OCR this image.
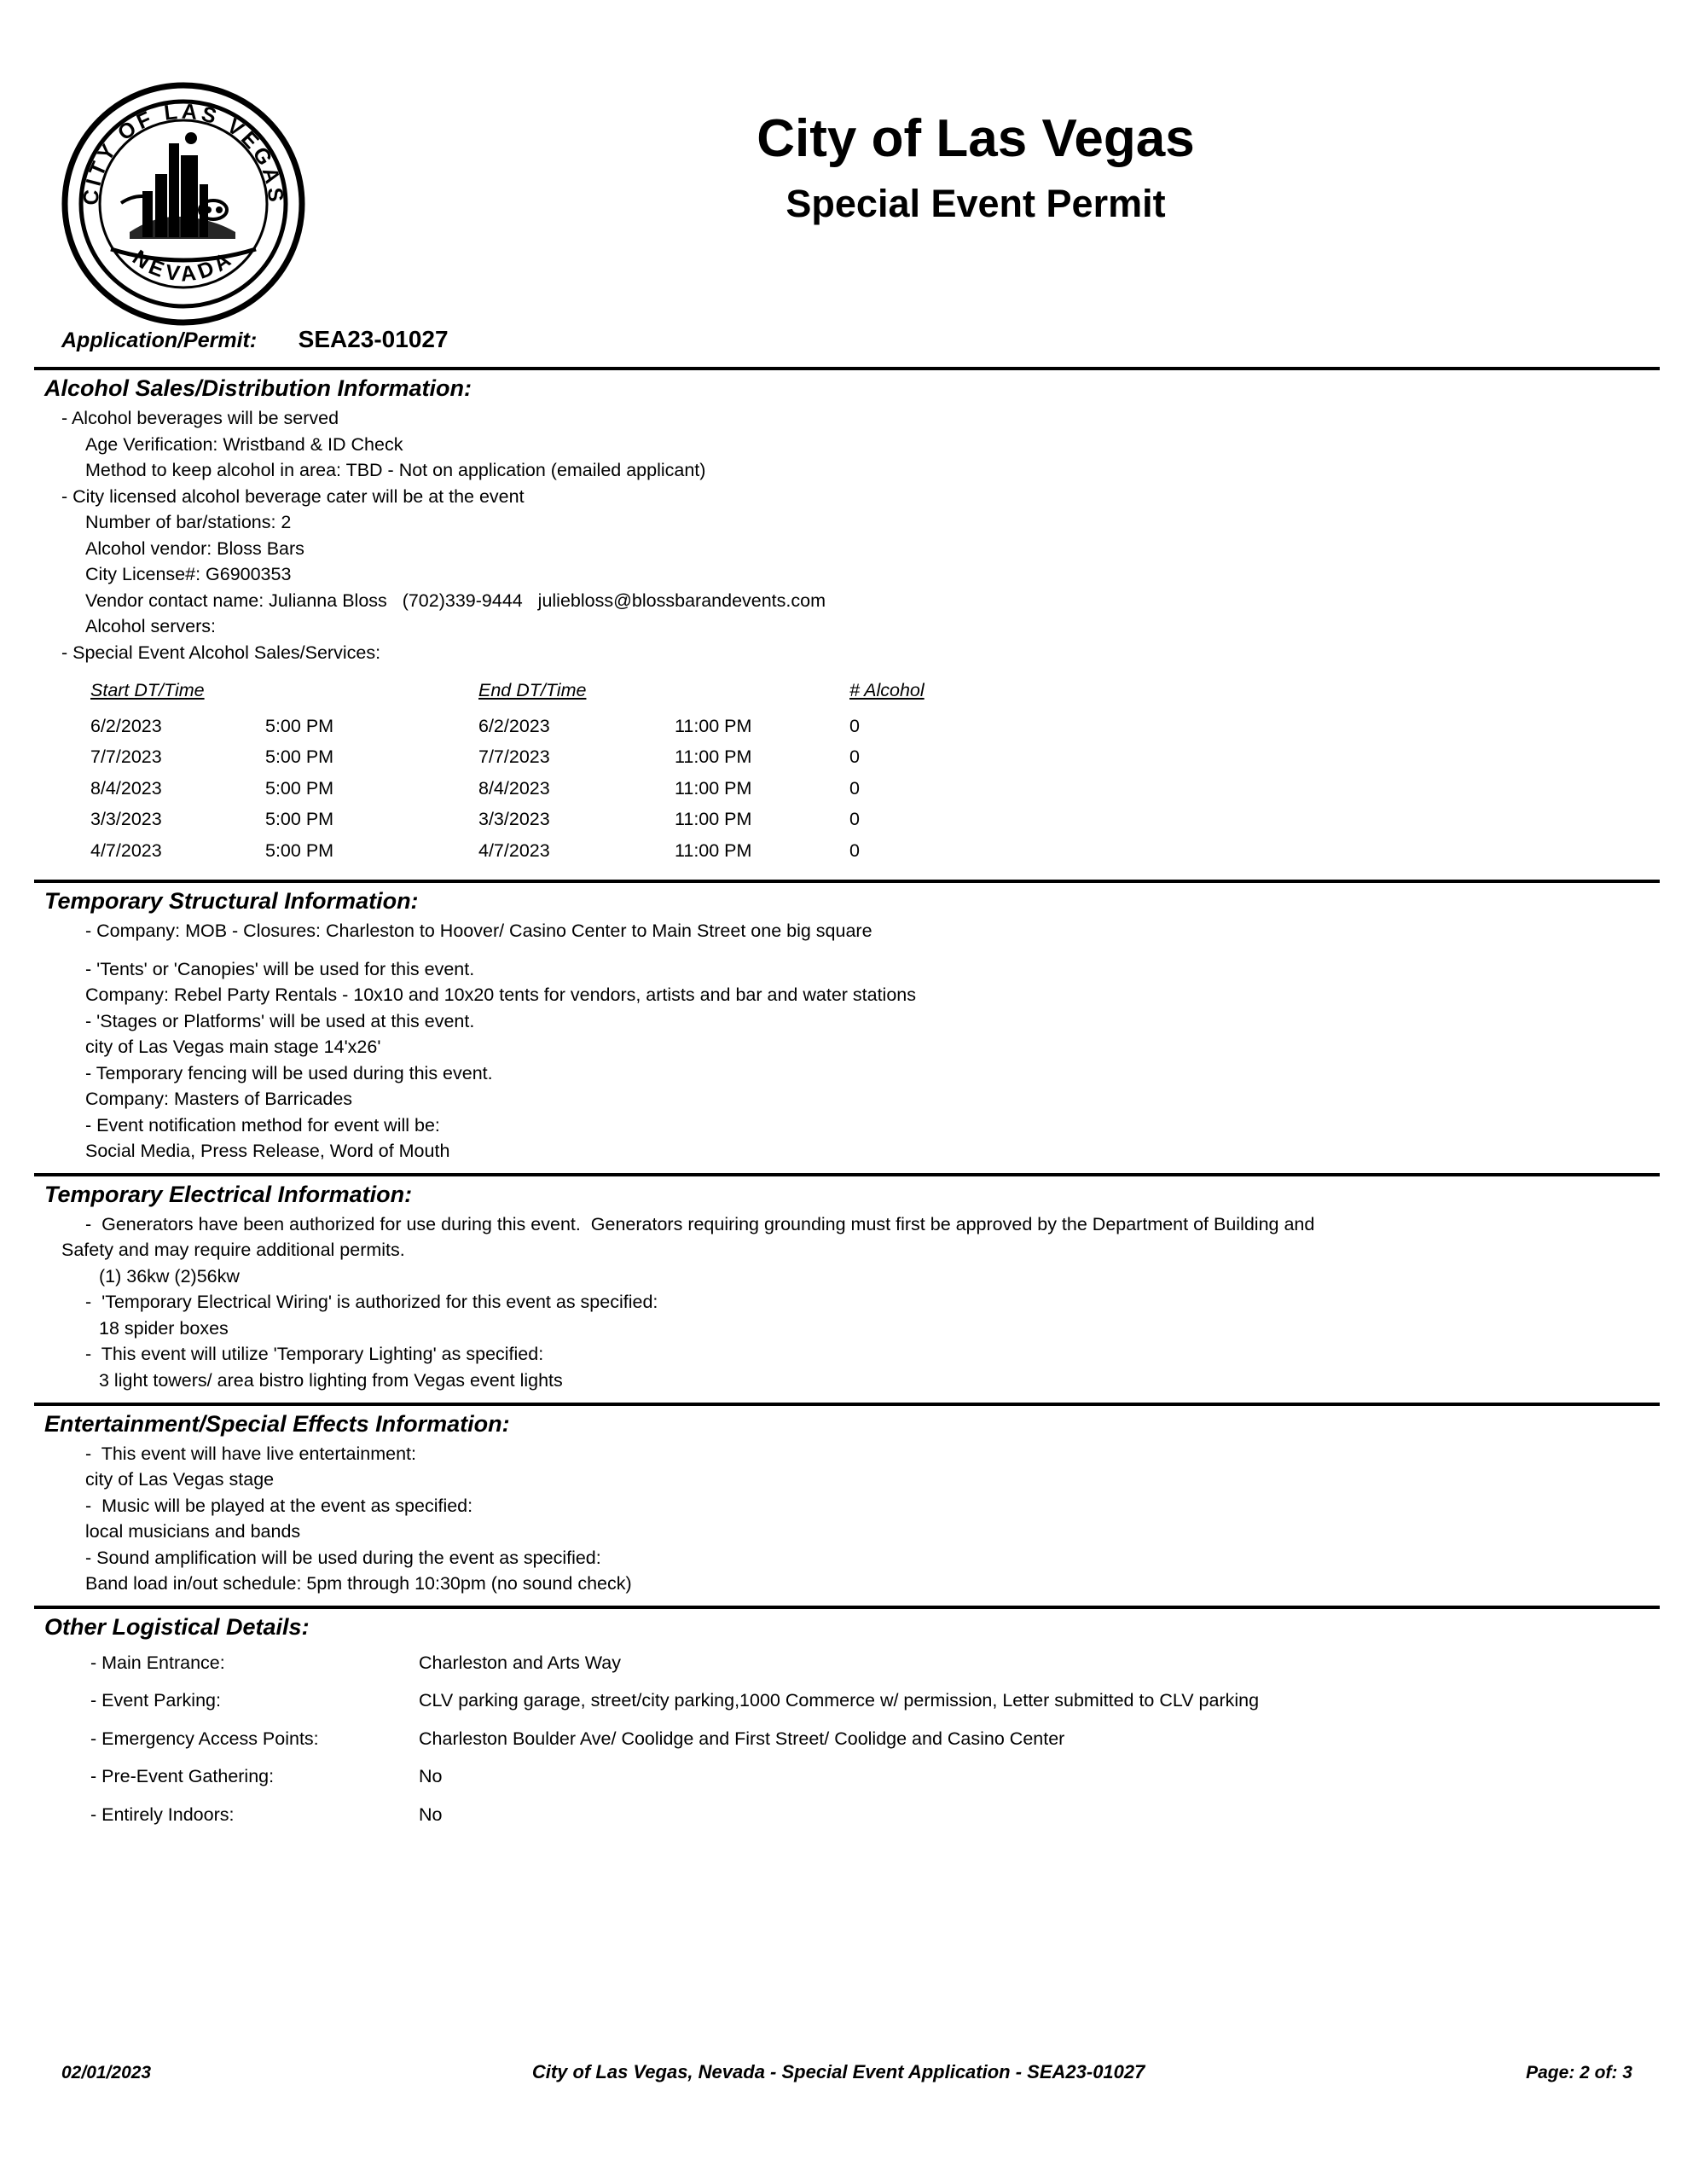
CITY OF LAS VEGAS
NEVADA
City of Las Vegas
Special Event Permit
Application/Permit: SEA23-01027
Alcohol Sales/Distribution Information:
- Alcohol beverages will be served
Age Verification: Wristband & ID Check
Method to keep alcohol in area: TBD - Not on application (emailed applicant)
- City licensed alcohol beverage cater will be at the event
Number of bar/stations: 2
Alcohol vendor: Bloss Bars
City License#: G6900353
Vendor contact name: Julianna Bloss   (702)339-9444   juliebloss@blossbarandevents.com
Alcohol servers:
- Special Event Alcohol Sales/Services:
Start DT/Time		End DT/Time		# Alcohol
6/2/2023	5:00 PM	6/2/2023	11:00 PM	0
7/7/2023	5:00 PM	7/7/2023	11:00 PM	0
8/4/2023	5:00 PM	8/4/2023	11:00 PM	0
3/3/2023	5:00 PM	3/3/2023	11:00 PM	0
4/7/2023	5:00 PM	4/7/2023	11:00 PM	0
Temporary Structural Information:
- Company: MOB - Closures: Charleston to Hoover/ Casino Center to Main Street one big square
- 'Tents' or 'Canopies' will be used for this event.
Company: Rebel Party Rentals - 10x10 and 10x20 tents for vendors, artists and bar and water stations
- 'Stages or Platforms' will be used at this event.
city of Las Vegas main stage 14'x26'
- Temporary fencing will be used during this event.
Company: Masters of Barricades
- Event notification method for event will be:
Social Media, Press Release, Word of Mouth
Temporary Electrical Information:
-  Generators have been authorized for use during this event.  Generators requiring grounding must first be approved by the Department of Building and
Safety and may require additional permits.
(1) 36kw (2)56kw
-  'Temporary Electrical Wiring' is authorized for this event as specified:
18 spider boxes
-  This event will utilize 'Temporary Lighting' as specified:
3 light towers/ area bistro lighting from Vegas event lights
Entertainment/Special Effects Information:
-  This event will have live entertainment:
city of Las Vegas stage
-  Music will be played at the event as specified:
local musicians and bands
- Sound amplification will be used during the event as specified:
Band load in/out schedule: 5pm through 10:30pm (no sound check)
Other Logistical Details:
- Main Entrance:	Charleston and Arts Way
- Event Parking:	CLV parking garage, street/city parking,1000 Commerce w/ permission, Letter submitted to CLV parking
- Emergency Access Points:	Charleston Boulder Ave/ Coolidge and First Street/ Coolidge and Casino Center
- Pre-Event Gathering:	No
- Entirely Indoors:	No
02/01/2023	City of Las Vegas, Nevada - Special Event Application - SEA23-01027	Page: 2 of: 3
